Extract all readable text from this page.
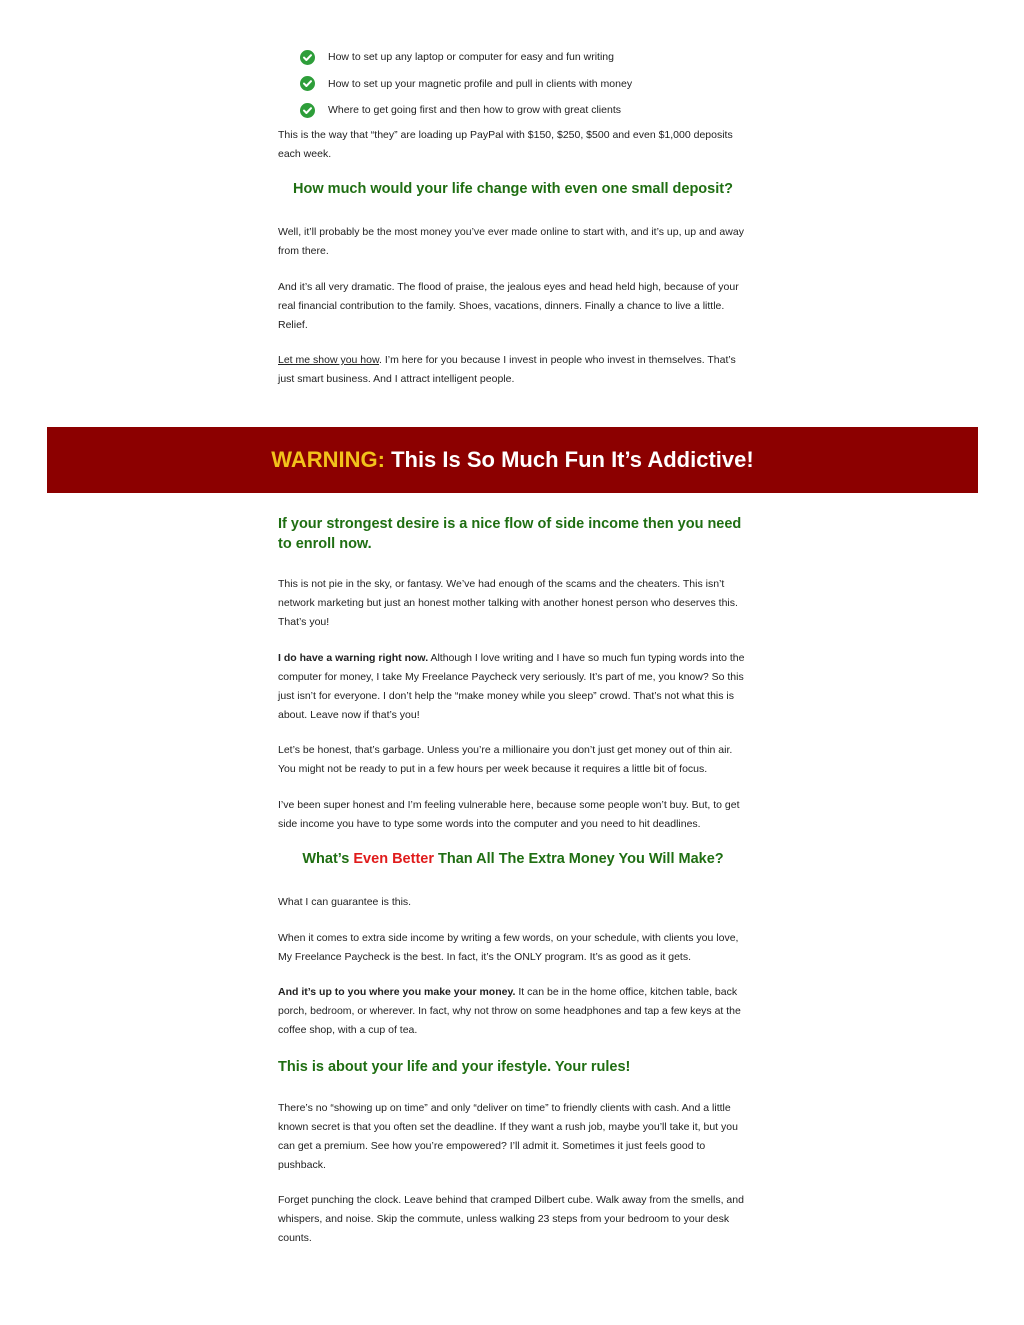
How to set up any laptop or computer for easy and fun writing
How to set up your magnetic profile and pull in clients with money
Where to get going first and then how to grow with great clients

This is the way that “they” are loading up PayPal with $150, $250, $500 and even $1,000 deposits each week.

How much would your life change with even one small deposit?

Well, it’ll probably be the most money you’ve ever made online to start with, and it’s up, up and away from there.

And it’s all very dramatic. The flood of praise, the jealous eyes and head held high, because of your real financial contribution to the family. Shoes, vacations, dinners. Finally a chance to live a little. Relief.

Let me show you how. I’m here for you because I invest in people who invest in themselves. That’s just smart business. And I attract intelligent people.

WARNING: This Is So Much Fun It’s Addictive!

If your strongest desire is a nice flow of side income then you need to enroll now.

This is not pie in the sky, or fantasy. We’ve had enough of the scams and the cheaters. This isn’t network marketing but just an honest mother talking with another honest person who deserves this. That’s you!

I do have a warning right now. Although I love writing and I have so much fun typing words into the computer for money, I take My Freelance Paycheck very seriously. It’s part of me, you know? So this just isn’t for everyone. I don’t help the “make money while you sleep” crowd. That’s not what this is about. Leave now if that’s you!

Let’s be honest, that’s garbage. Unless you’re a millionaire you don’t just get money out of thin air. You might not be ready to put in a few hours per week because it requires a little bit of focus.

I’ve been super honest and I’m feeling vulnerable here, because some people won’t buy. But, to get side income you have to type some words into the computer and you need to hit deadlines.

What’s Even Better Than All The Extra Money You Will Make?

What I can guarantee is this.

When it comes to extra side income by writing a few words, on your schedule, with clients you love, My Freelance Paycheck is the best. In fact, it’s the ONLY program. It’s as good as it gets.

And it’s up to you where you make your money. It can be in the home office, kitchen table, back porch, bedroom, or wherever. In fact, why not throw on some headphones and tap a few keys at the coffee shop, with a cup of tea.

This is about your life and your ifestyle. Your rules!

There’s no “showing up on time” and only “deliver on time” to friendly clients with cash. And a little known secret is that you often set the deadline. If they want a rush job, maybe you’ll take it, but you can get a premium. See how you’re empowered? I’ll admit it. Sometimes it just feels good to pushback.

Forget punching the clock. Leave behind that cramped Dilbert cube. Walk away from the smells, and whispers, and noise. Skip the commute, unless walking 23 steps from your bedroom to your desk counts.
